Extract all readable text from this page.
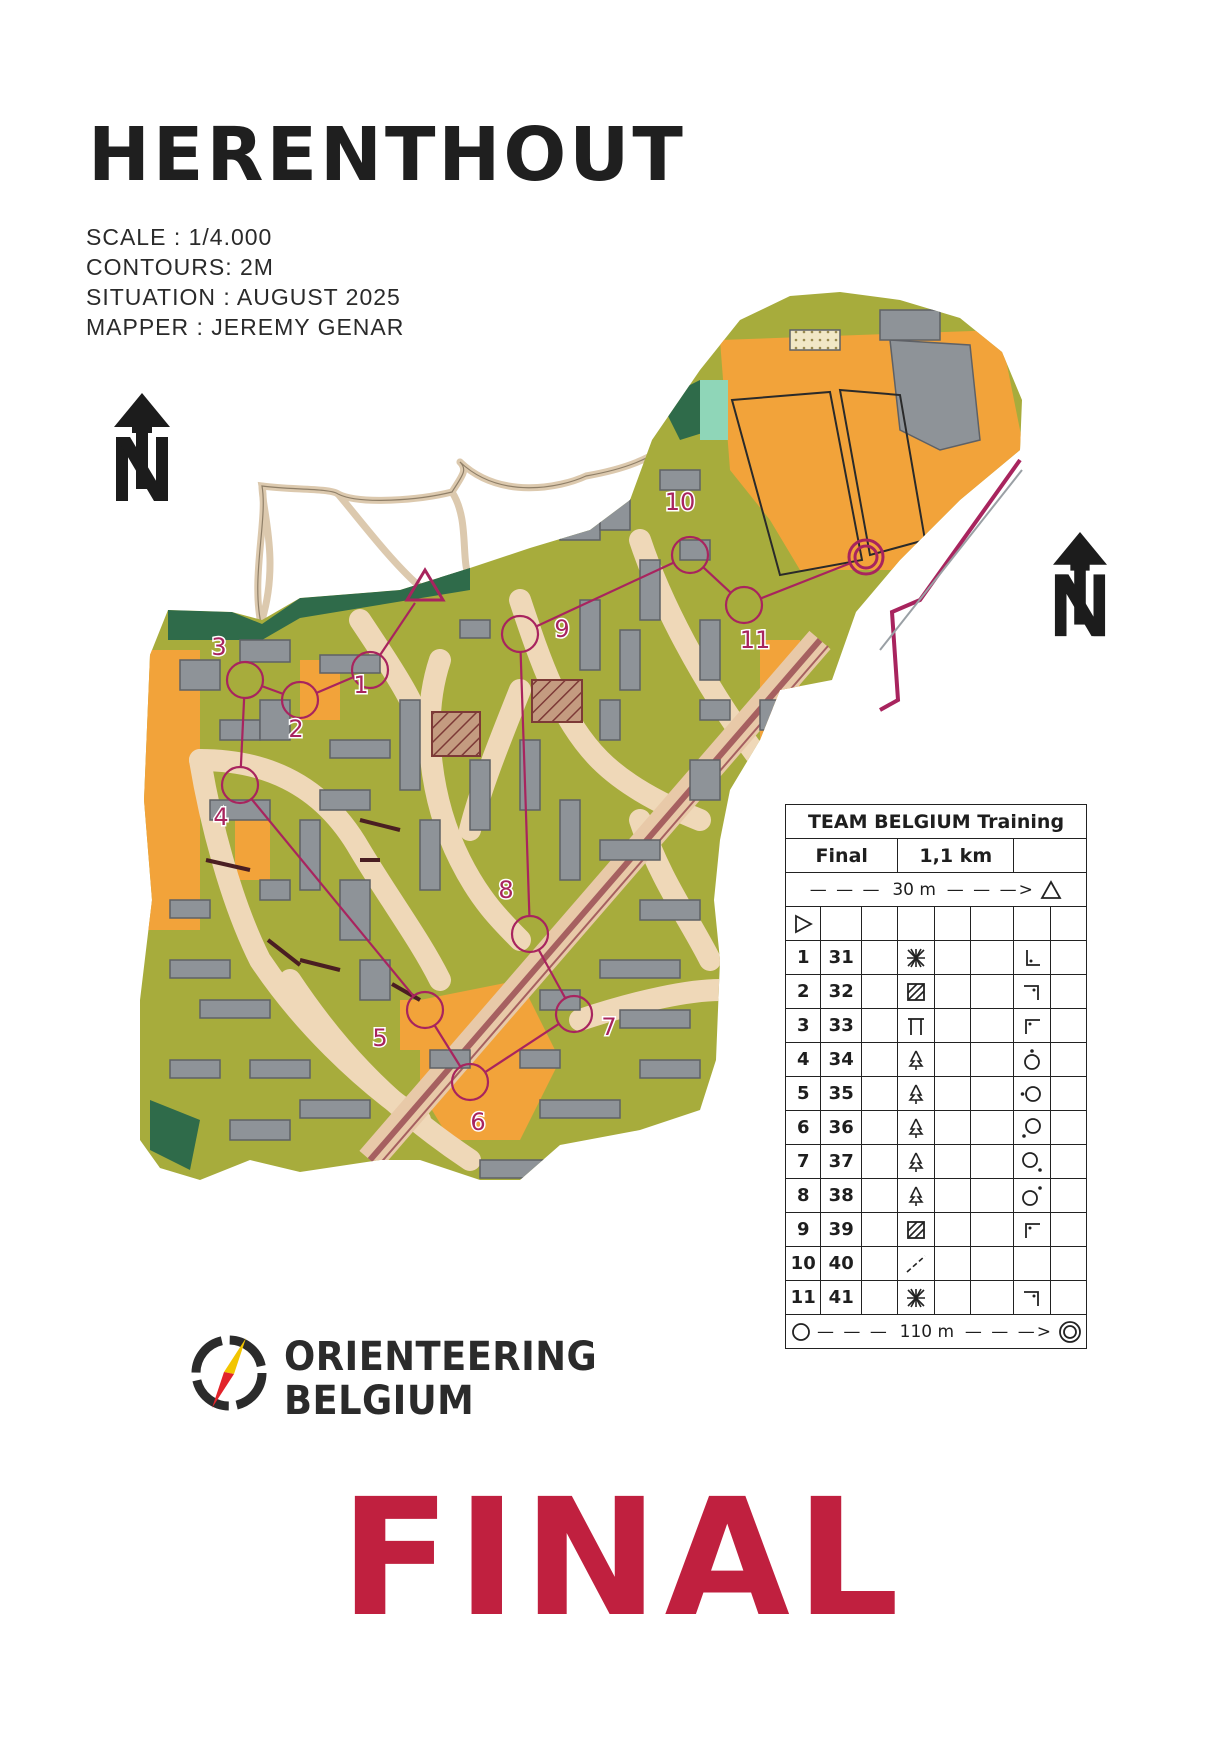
HERENTHOUT
SCALE : 1/4.000
CONTOURS: 2M
SITUATION : AUGUST 2025
MAPPER : JEREMY GENAR
1
2
3
4
5
6
7
8
9
10
11
TEAM BELGIUM Training							
Final			1,1 km				
— — — 30 m — — —>							

1	31		

2	32		

3	33		

4	34		

5	35		

6	36		

7	37		

8	38		

9	39		

10	40		

11	41		

— — — 110 m — — —>							
ORIENTEERING
BELGIUM
FINAL
